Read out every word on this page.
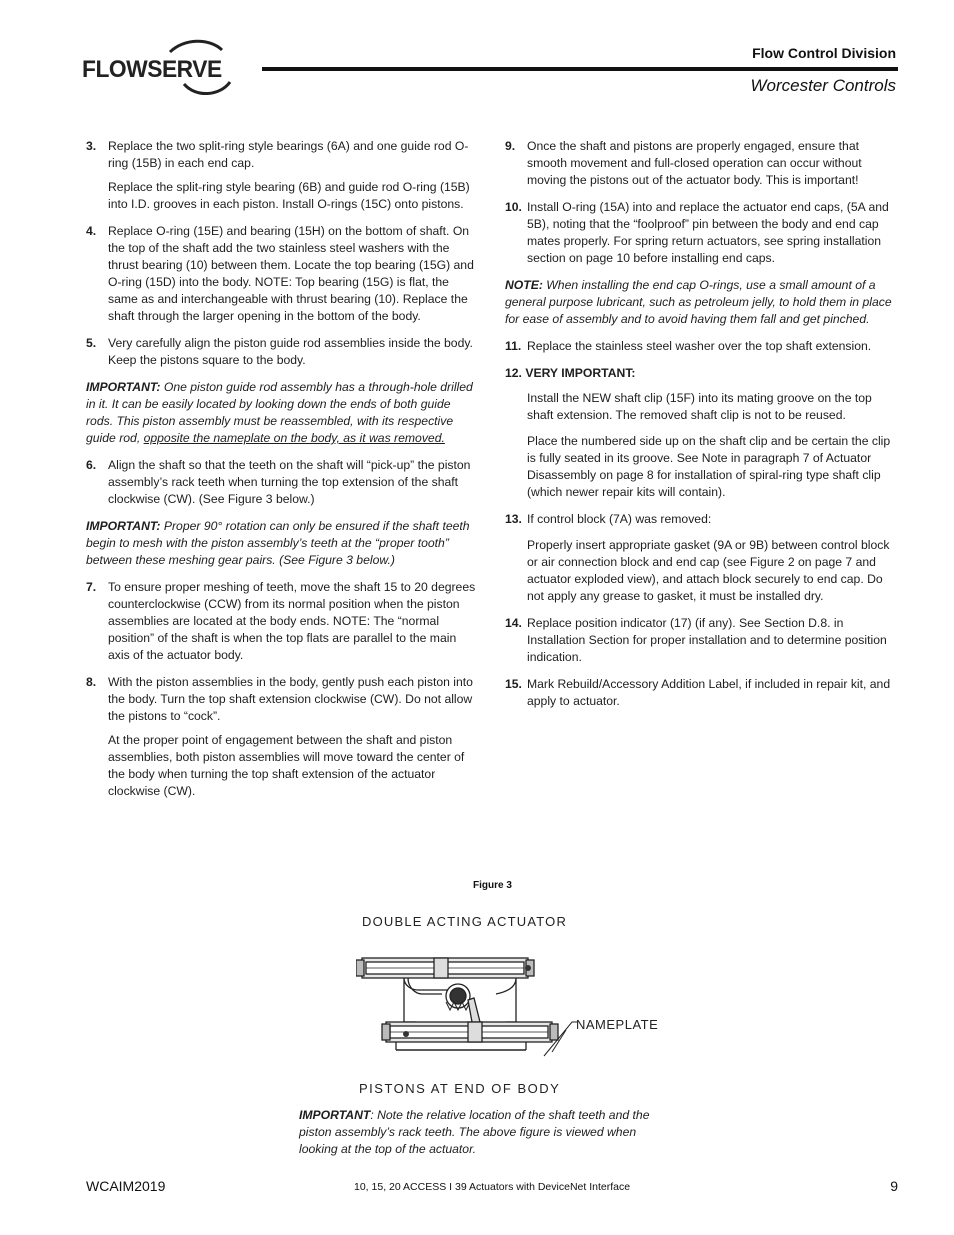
FLOWSERVE
Flow Control Division
Worcester Controls
3. Replace the two split-ring style bearings (6A) and one guide rod O-ring (15B) in each end cap.

Replace the split-ring style bearing (6B) and guide rod O-ring (15B) into I.D. grooves in each piston. Install O-rings (15C) onto pistons.

4. Replace O-ring (15E) and bearing (15H) on the bottom of shaft. On the top of the shaft add the two stainless steel washers with the thrust bearing (10) between them. Locate the top bearing (15G) and O-ring (15D) into the body. NOTE: Top bearing (15G) is flat, the same as and interchangeable with thrust bearing (10). Replace the shaft through the larger opening in the bottom of the body.

5. Very carefully align the piston guide rod assemblies inside the body. Keep the pistons square to the body.

IMPORTANT: One piston guide rod assembly has a through-hole drilled in it. It can be easily located by looking down the ends of both guide rods. This piston assembly must be reassembled, with its respective guide rod, opposite the nameplate on the body, as it was removed.

6. Align the shaft so that the teeth on the shaft will “pick-up” the piston assembly’s rack teeth when turning the top extension of the shaft clockwise (CW). (See Figure 3 below.)

IMPORTANT: Proper 90° rotation can only be ensured if the shaft teeth begin to mesh with the piston assembly’s teeth at the “proper tooth” between these meshing gear pairs. (See Figure 3 below.)

7. To ensure proper meshing of teeth, move the shaft 15 to 20 degrees counterclockwise (CCW) from its normal position when the piston assemblies are located at the body ends. NOTE: The “normal position” of the shaft is when the top flats are parallel to the main axis of the actuator body.

8. With the piston assemblies in the body, gently push each piston into the body. Turn the top shaft extension clockwise (CW). Do not allow the pistons to “cock”.

At the proper point of engagement between the shaft and piston assemblies, both piston assemblies will move toward the center of the body when turning the top shaft extension of the actuator clockwise (CW).

9. Once the shaft and pistons are properly engaged, ensure that smooth movement and full-closed operation can occur without moving the pistons out of the actuator body. This is important!

10. Install O-ring (15A) into and replace the actuator end caps, (5A and 5B), noting that the “foolproof” pin between the body and end cap mates properly. For spring return actuators, see spring installation section on page 10 before installing end caps.

NOTE: When installing the end cap O-rings, use a small amount of a general purpose lubricant, such as petroleum jelly, to hold them in place for ease of assembly and to avoid having them fall and get pinched.

11. Replace the stainless steel washer over the top shaft extension.

12. VERY IMPORTANT:

Install the NEW shaft clip (15F) into its mating groove on the top shaft extension. The removed shaft clip is not to be reused.

Place the numbered side up on the shaft clip and be certain the clip is fully seated in its groove. See Note in paragraph 7 of Actuator Disassembly on page 8 for installation of spiral-ring type shaft clip (which newer repair kits will contain).

13. If control block (7A) was removed:

Properly insert appropriate gasket (9A or 9B) between control block or air connection block and end cap (see Figure 2 on page 7 and actuator exploded view), and attach block securely to end cap. Do not apply any grease to gasket, it must be installed dry.

14. Replace position indicator (17) (if any). See Section D.8. in Installation Section for proper installation and to determine position indication.

15. Mark Rebuild/Accessory Addition Label, if included in repair kit, and apply to actuator.

Figure 3
DOUBLE ACTING ACTUATOR
NAMEPLATE
PISTONS AT END OF BODY

IMPORTANT: Note the relative location of the shaft teeth and the piston assembly’s rack teeth. The above figure is viewed when looking at the top of the actuator.

WCAIM2019	10, 15, 20 ACCESS I 39 Actuators with DeviceNet Interface	9
